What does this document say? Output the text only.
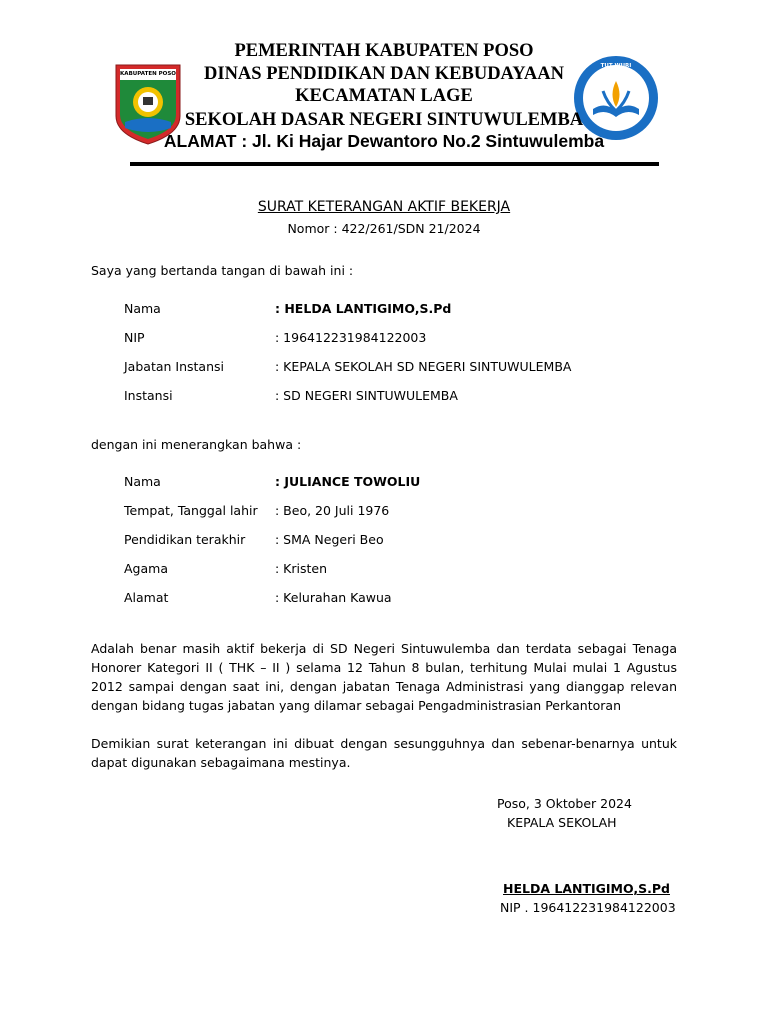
KABUPATEN POSO
TUT WURI HANDAYANI
PEMERINTAH KABUPATEN POSO
DINAS PENDIDIKAN DAN KEBUDAYAAN
KECAMATAN LAGE
SEKOLAH DASAR NEGERI SINTUWULEMBA
ALAMAT : Jl. Ki Hajar Dewantoro No.2 Sintuwulemba
SURAT KETERANGAN AKTIF BEKERJA
Nomor : 422/261/SDN 21/2024
Saya yang bertanda tangan di bawah ini :
Nama	: HELDA LANTIGIMO,S.Pd
NIP	: 196412231984122003
Jabatan Instansi	: KEPALA SEKOLAH SD NEGERI SINTUWULEMBA
Instansi	: SD NEGERI SINTUWULEMBA
dengan ini menerangkan bahwa :
Nama	: JULIANCE TOWOLIU
Tempat, Tanggal lahir : Beo, 20 Juli 1976
Pendidikan terakhir : SMA Negeri Beo
Agama	: Kristen
Alamat	: Kelurahan Kawua
Adalah benar masih aktif bekerja di SD Negeri Sintuwulemba dan terdata sebagai Tenaga Honorer Kategori II ( THK – II ) selama 12 Tahun 8 bulan, terhitung Mulai mulai 1 Agustus 2012 sampai dengan saat ini, dengan jabatan Tenaga Administrasi yang dianggap relevan dengan bidang tugas jabatan yang dilamar sebagai Pengadministrasian Perkantoran
Demikian surat keterangan ini dibuat dengan sesungguhnya dan sebenar-benarnya untuk dapat digunakan sebagaimana mestinya.
Poso, 3 Oktober 2024
KEPALA SEKOLAH
HELDA LANTIGIMO,S.Pd
NIP . 196412231984122003
